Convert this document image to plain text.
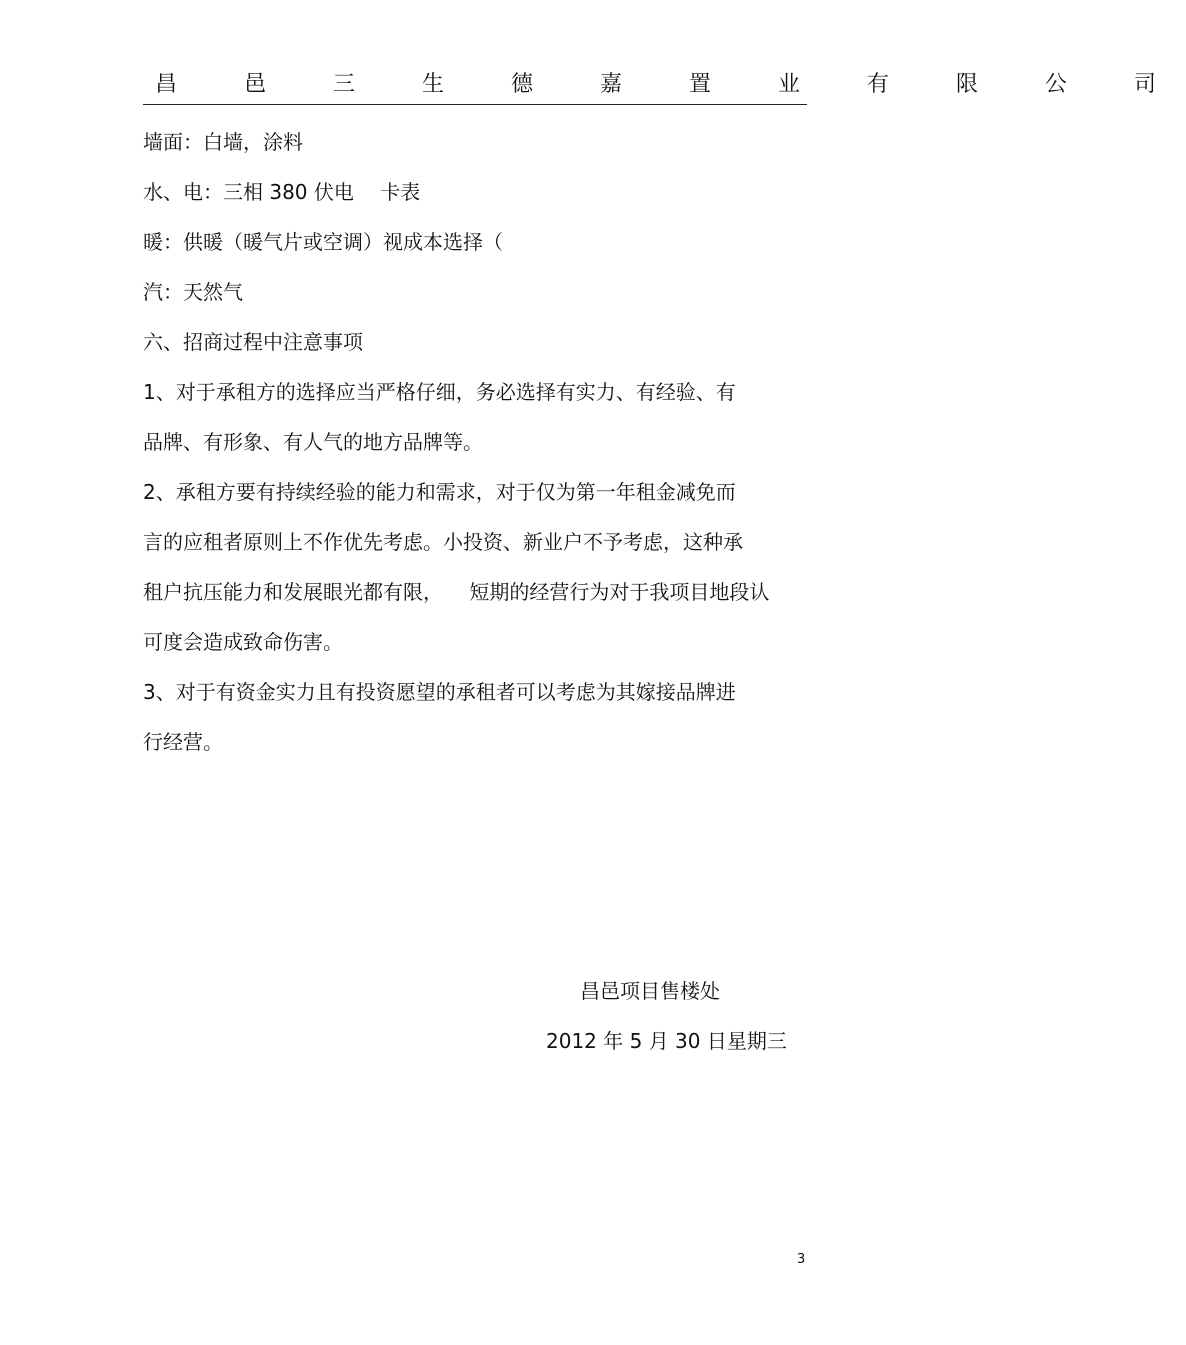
昌 邑 三 生 德 嘉 置 业 有 限 公 司
墙面：白墙，涂料
水、电：三相 380 伏电 　卡表
暖：供暖（暖气片或空调）视成本选择（
汽：天然气
六、招商过程中注意事项
1、对于承租方的选择应当严格仔细，务必选择有实力、有经验、有
品牌、有形象、有人气的地方品牌等。
2、承租方要有持续经验的能力和需求，对于仅为第一年租金减免而
言的应租者原则上不作优先考虑。小投资、新业户不予考虑，这种承
租户抗压能力和发展眼光都有限， 　短期的经营行为对于我项目地段认
可度会造成致命伤害。
3、对于有资金实力且有投资愿望的承租者可以考虑为其嫁接品牌进
行经营。
昌邑项目售楼处
2012 年 5 月 30 日星期三
3
